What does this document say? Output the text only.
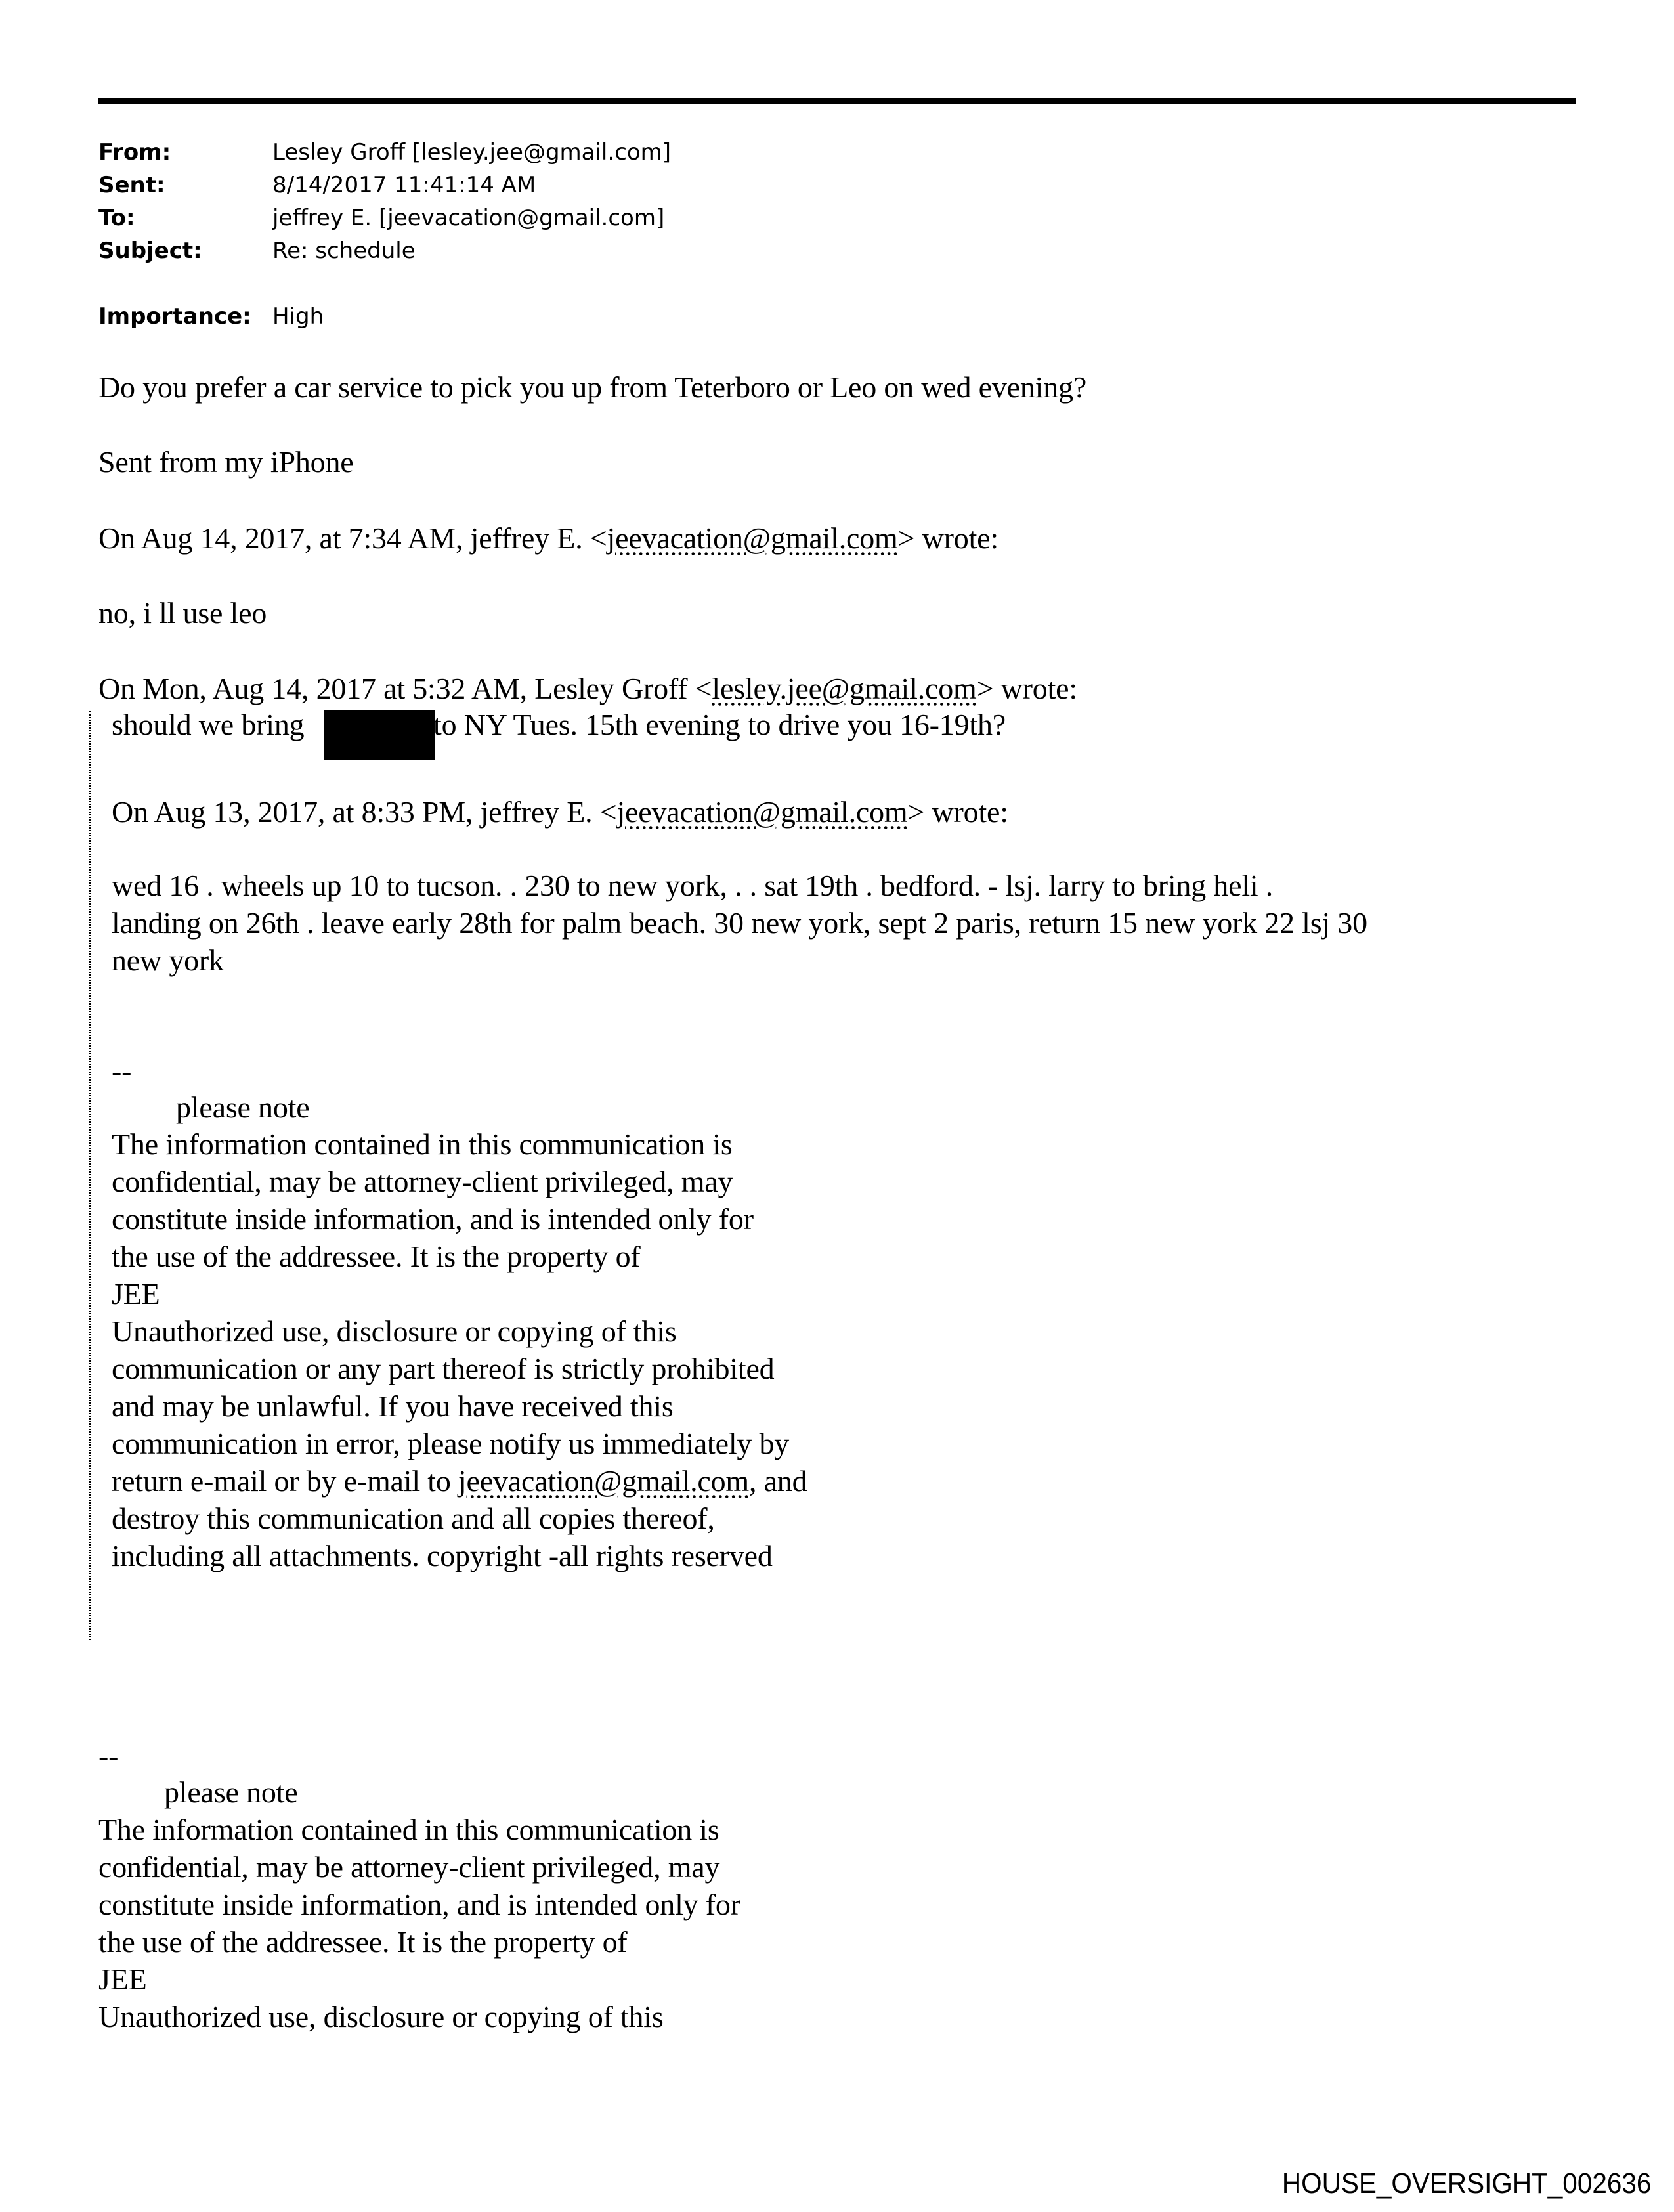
From:	Lesley Groff [lesley.jee@gmail.com]
Sent:	8/14/2017 11:41:14 AM
To:	jeffrey E. [jeevacation@gmail.com]
Subject:	Re: schedule
Importance: High
Do you prefer a car service to pick you up from Teterboro or Leo on wed evening?
Sent from my iPhone
On Aug 14, 2017, at 7:34 AM, jeffrey E. <jeevacation@gmail.com> wrote:
no, i ll use leo
On Mon, Aug 14, 2017 at 5:32 AM, Lesley Groff <lesley.jee@gmail.com> wrote:
should we bring	to NY Tues. 15th evening to drive you 16-19th?
On Aug 13, 2017, at 8:33 PM, jeffrey E. <jeevacation@gmail.com> wrote:
wed 16 . wheels up 10 to tucson. . 230 to new york, . . sat 19th . bedford. - lsj. larry to bring heli .
landing on 26th . leave early 28th for palm beach. 30 new york, sept 2 paris, return 15 new york 22 lsj 30
new york
--
please note
The information contained in this communication is
confidential, may be attorney-client privileged, may
constitute inside information, and is intended only for
the use of the addressee. It is the property of
JEE
Unauthorized use, disclosure or copying of this
communication or any part thereof is strictly prohibited
and may be unlawful. If you have received this
communication in error, please notify us immediately by
return e-mail or by e-mail to jeevacation@gmail.com, and
destroy this communication and all copies thereof,
including all attachments. copyright -all rights reserved
--
please note
The information contained in this communication is
confidential, may be attorney-client privileged, may
constitute inside information, and is intended only for
the use of the addressee. It is the property of
JEE
Unauthorized use, disclosure or copying of this
HOUSE_OVERSIGHT_002636
